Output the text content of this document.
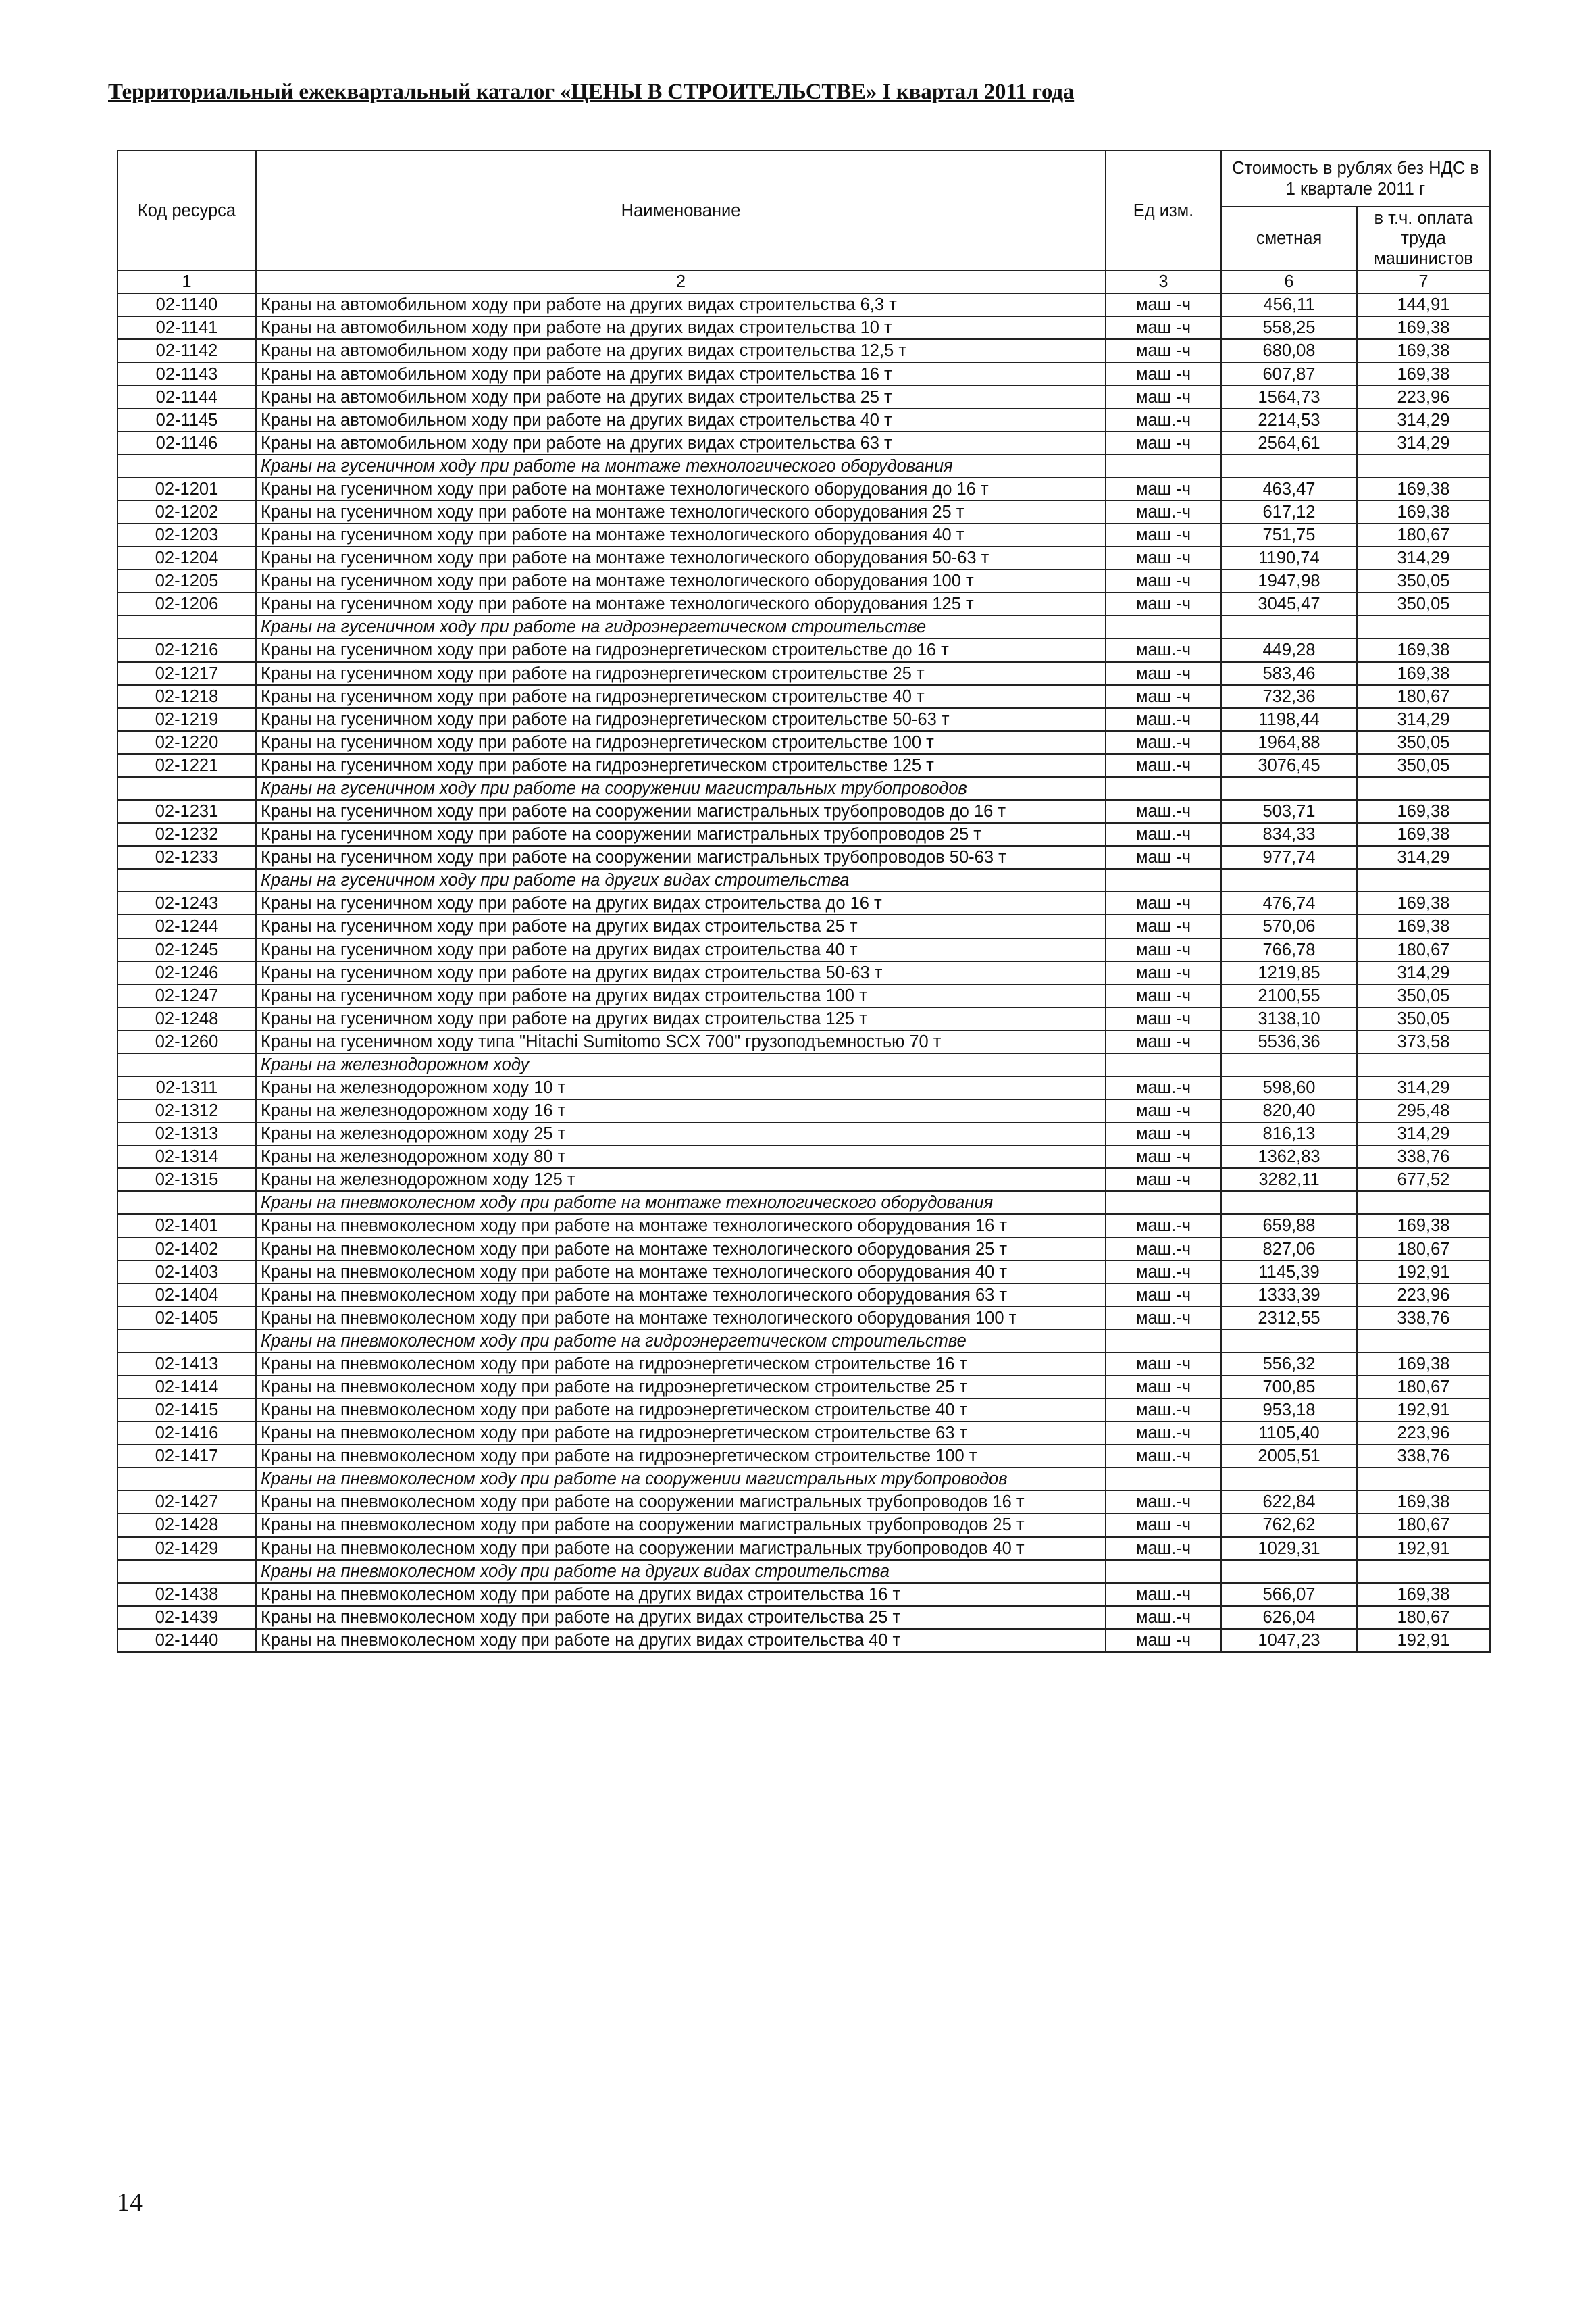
Территориальный ежеквартальный каталог «ЦЕНЫ В СТРОИТЕЛЬСТВЕ» I квартал 2011 года
Код ресурса	Наименование	Ед изм.	Стоимость в рублях без НДС в 1 квартале 2011 г	
			сметная	в т.ч. оплата труда машинистов
1	2	3	6	7
02-1140	Краны на автомобильном ходу при работе на других видах строительства 6,3 т	маш -ч	456,11	144,91
02-1141	Краны на автомобильном ходу при работе на других видах строительства 10 т	маш -ч	558,25	169,38
02-1142	Краны на автомобильном ходу при работе на других видах строительства 12,5 т	маш -ч	680,08	169,38
02-1143	Краны на автомобильном ходу при работе на других видах строительства 16 т	маш -ч	607,87	169,38
02-1144	Краны на автомобильном ходу при работе на других видах строительства 25 т	маш -ч	1564,73	223,96
02-1145	Краны на автомобильном ходу при работе на других видах строительства 40 т	маш.-ч	2214,53	314,29
02-1146	Краны на автомобильном ходу при работе на других видах строительства 63 т	маш -ч	2564,61	314,29
	Краны на гусеничном ходу при работе на монтаже технологического оборудования			
02-1201	Краны на гусеничном ходу при работе на монтаже технологического оборудования до 16 т	маш -ч	463,47	169,38
02-1202	Краны на гусеничном ходу при работе на монтаже технологического оборудования 25 т	маш.-ч	617,12	169,38
02-1203	Краны на гусеничном ходу при работе на монтаже технологического оборудования 40 т	маш -ч	751,75	180,67
02-1204	Краны на гусеничном ходу при работе на монтаже технологического оборудования 50-63 т	маш -ч	1190,74	314,29
02-1205	Краны на гусеничном ходу при работе на монтаже технологического оборудования 100 т	маш -ч	1947,98	350,05
02-1206	Краны на гусеничном ходу при работе на монтаже технологического оборудования 125 т	маш -ч	3045,47	350,05
	Краны на гусеничном ходу при работе на гидроэнергетическом строительстве			
02-1216	Краны на гусеничном ходу при работе на гидроэнергетическом строительстве до 16 т	маш.-ч	449,28	169,38
02-1217	Краны на гусеничном ходу при работе на гидроэнергетическом строительстве 25 т	маш -ч	583,46	169,38
02-1218	Краны на гусеничном ходу при работе на гидроэнергетическом строительстве 40 т	маш -ч	732,36	180,67
02-1219	Краны на гусеничном ходу при работе на гидроэнергетическом строительстве 50-63 т	маш.-ч	1198,44	314,29
02-1220	Краны на гусеничном ходу при работе на гидроэнергетическом строительстве 100 т	маш.-ч	1964,88	350,05
02-1221	Краны на гусеничном ходу при работе на гидроэнергетическом строительстве 125 т	маш.-ч	3076,45	350,05
	Краны на гусеничном ходу при работе на сооружении магистральных трубопроводов			
02-1231	Краны на гусеничном ходу при работе на сооружении магистральных трубопроводов до 16 т	маш.-ч	503,71	169,38
02-1232	Краны на гусеничном ходу при работе на сооружении магистральных трубопроводов 25 т	маш.-ч	834,33	169,38
02-1233	Краны на гусеничном ходу при работе на сооружении магистральных трубопроводов 50-63 т	маш -ч	977,74	314,29
	Краны на гусеничном ходу при работе на других видах строительства			
02-1243	Краны на гусеничном ходу при работе на других видах строительства до 16 т	маш -ч	476,74	169,38
02-1244	Краны на гусеничном ходу при работе на других видах строительства 25 т	маш -ч	570,06	169,38
02-1245	Краны на гусеничном ходу при работе на других видах строительства 40 т	маш -ч	766,78	180,67
02-1246	Краны на гусеничном ходу при работе на других видах строительства 50-63 т	маш -ч	1219,85	314,29
02-1247	Краны на гусеничном ходу при работе на других видах строительства 100 т	маш -ч	2100,55	350,05
02-1248	Краны на гусеничном ходу при работе на других видах строительства 125 т	маш -ч	3138,10	350,05
02-1260	Краны на гусеничном ходу типа "Hitachi Sumitomo SCX 700" грузоподъемностью 70 т	маш -ч	5536,36	373,58
	Краны на железнодорожном ходу			
02-1311	Краны на железнодорожном ходу 10 т	маш.-ч	598,60	314,29
02-1312	Краны на железнодорожном ходу 16 т	маш -ч	820,40	295,48
02-1313	Краны на железнодорожном ходу 25 т	маш -ч	816,13	314,29
02-1314	Краны на железнодорожном ходу 80 т	маш -ч	1362,83	338,76
02-1315	Краны на железнодорожном ходу 125 т	маш -ч	3282,11	677,52
	Краны на пневмоколесном ходу при работе на монтаже технологического оборудования			
02-1401	Краны на пневмоколесном ходу при работе на монтаже технологического оборудования 16 т	маш.-ч	659,88	169,38
02-1402	Краны на пневмоколесном ходу при работе на монтаже технологического оборудования 25 т	маш.-ч	827,06	180,67
02-1403	Краны на пневмоколесном ходу при работе на монтаже технологического оборудования 40 т	маш.-ч	1145,39	192,91
02-1404	Краны на пневмоколесном ходу при работе на монтаже технологического оборудования 63 т	маш -ч	1333,39	223,96
02-1405	Краны на пневмоколесном ходу при работе на монтаже технологического оборудования 100 т	маш.-ч	2312,55	338,76
	Краны на пневмоколесном ходу при работе на гидроэнергетическом строительстве			
02-1413	Краны на пневмоколесном ходу при работе на гидроэнергетическом строительстве 16 т	маш -ч	556,32	169,38
02-1414	Краны на пневмоколесном ходу при работе на гидроэнергетическом строительстве 25 т	маш -ч	700,85	180,67
02-1415	Краны на пневмоколесном ходу при работе на гидроэнергетическом строительстве 40 т	маш.-ч	953,18	192,91
02-1416	Краны на пневмоколесном ходу при работе на гидроэнергетическом строительстве 63 т	маш.-ч	1105,40	223,96
02-1417	Краны на пневмоколесном ходу при работе на гидроэнергетическом строительстве 100 т	маш.-ч	2005,51	338,76
	Краны на пневмоколесном ходу при работе на сооружении магистральных трубопроводов			
02-1427	Краны на пневмоколесном ходу при работе на сооружении магистральных трубопроводов 16 т	маш.-ч	622,84	169,38
02-1428	Краны на пневмоколесном ходу при работе на сооружении магистральных трубопроводов 25 т	маш -ч	762,62	180,67
02-1429	Краны на пневмоколесном ходу при работе на сооружении магистральных трубопроводов 40 т	маш.-ч	1029,31	192,91
	Краны на пневмоколесном ходу при работе на других видах строительства			
02-1438	Краны на пневмоколесном ходу при работе на других видах строительства 16 т	маш.-ч	566,07	169,38
02-1439	Краны на пневмоколесном ходу при работе на других видах строительства 25 т	маш.-ч	626,04	180,67
02-1440	Краны на пневмоколесном ходу при работе на других видах строительства 40 т	маш -ч	1047,23	192,91
14
